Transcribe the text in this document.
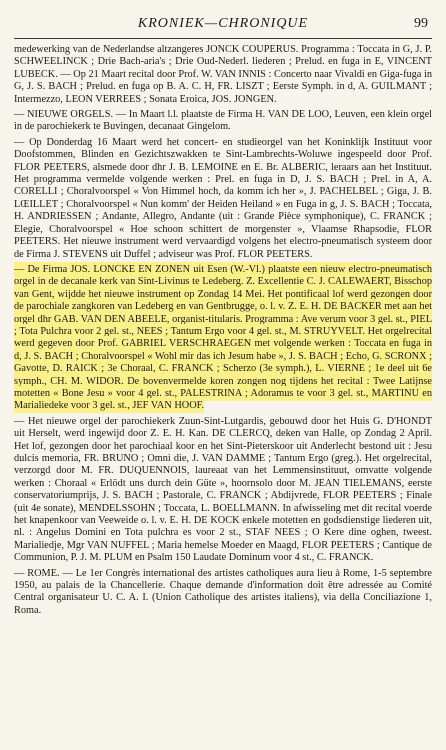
KRONIEK—CHRONIQUE	99

medewerking van de Nederlandse altzangeres JONCK COUPERUS. Programma : Toccata in G, J. P. SCHWEELINCK ; Drie Bach-aria's ; Drie Oud-Nederl. liederen ; Prelud. en fuga in E, VINCENT LUBECK. — Op 21 Maart recital door Prof. W. VAN INNIS : Concerto naar Vivaldi en Giga-fuga in G, J. S. BACH ; Prelud. en fuga op B. A. C. H, FR. LISZT ; Eerste Symph. in d, A. GUILMANT ; Intermezzo, LEON VERREES ; Sonata Eroica, JOS. JONGEN.

— NIEUWE ORGELS. — In Maart l.l. plaatste de Firma H. VAN DE LOO, Leuven, een klein orgel in de parochiekerk te Buvingen, decanaat Gingelom.

— Op Donderdag 16 Maart werd het concert- en studieorgel van het Koninklijk Instituut voor Doofstommen, Blinden en Gezichtszwakken te Sint-Lambrechts-Woluwe ingespeeld door Prof. FLOR PEETERS, alsmede door dhr J. B. LEMOINE en E. Br. ALBERIC, leraars aan het Instituut. Het programma vermelde volgende werken : Prel. en fuga in D, J. S. BACH ; Prel. in A, A. CORELLI ; Choralvoorspel « Von Himmel hoch, da komm ich her », J. PACHELBEL ; Giga, J. B. LŒILLET ; Choralvoorspel « Nun komm' der Heiden Heiland » en Fuga in g, J. S. BACH ; Toccata, H. ANDRIESSEN ; Andante, Allegro, Andante (uit : Grande Pièce symphonique), C. FRANCK ; Elegie, Choralvoorspel « Hoe schoon schittert de morgenster », Vlaamse Rhapsodie, FLOR PEETERS. Het nieuwe instrument werd vervaardigd volgens het electro-pneumatisch systeem door de Firma J. STEVENS uit Duffel ; adviseur was Prof. FLOR PEETERS.

— De Firma JOS. LONCKE EN ZONEN uit Esen (W.-Vl.) plaatste een nieuw electro-pneumatisch orgel in de decanale kerk van Sint-Livinus te Ledeberg. Z. Excellentie C. J. CALEWAERT, Bisschop van Gent, wijdde het nieuwe instrument op Zondag 14 Mei. Het pontificaal lof werd gezongen door de parochiale zangkoren van Ledeberg en van Gentbrugge, o. l. v. Z. E. H. DE BACKER met aan het orgel dhr GAB. VAN DEN ABEELE, organist-titularis. Programma : Ave verum voor 3 gel. st., PIEL ; Tota Pulchra voor 2 gel. st., NEES ; Tantum Ergo voor 4 gel. st., M. STRUYVELT. Het orgelrecital werd gegeven door Prof. GABRIEL VERSCHRAEGEN met volgende werken : Toccata en fuga in d, J. S. BACH ; Choralvoorspel « Wohl mir das ich Jesum habe », J. S. BACH ; Echo, G. SCRONX ; Gavotte, D. RAICK ; 3e Choraal, C. FRANCK ; Scherzo (3e symph.), L. VIERNE ; 1e deel uit 6e symph., CH. M. WIDOR. De bovenvermelde koren zongen nog tijdens het recital : Twee Latijnse motetten « Bone Jesu » voor 4 gel. st., PALESTRINA ; Adoramus te voor 3 gel. st., MARTINU en Marialiedeke voor 3 gel. st., JEF VAN HOOF.

— Het nieuwe orgel der parochiekerk Zuun-Sint-Lutgardis, gebouwd door het Huis G. D'HONDT uit Herselt, werd ingewijd door Z. E. H. Kan. DE CLERCQ, deken van Halle, op Zondag 2 April. Het lof, gezongen door het parochiaal koor en het Sint-Pieterskoor uit Anderlecht bestond uit : Jesu dulcis memoria, FR. BRUNO ; Omni die, J. VAN DAMME ; Tantum Ergo (greg.). Het orgelrecital, verzorgd door M. FR. DUQUENNOIS, laureaat van het Lemmensinstituut, omvatte volgende werken : Choraal « Erlödt uns durch dein Güte », hoornsolo door M. JEAN TIELEMANS, eerste conservatoriumprijs, J. S. BACH ; Pastorale, C. FRANCK ; Abdijvrede, FLOR PEETERS ; Finale (uit 4e sonate), MENDELSSOHN ; Toccata, L. BOELLMANN. In afwisseling met dit recital voerde het knapenkoor van Veeweide o. l. v. E. H. DE KOCK enkele motetten en godsdienstige liederen uit, nl. : Angelus Domini en Tota pulchra es voor 2 st., STAF NEES ; O Kere dine oghen, tweest. Marialiedje, Mgr VAN NUFFEL ; Maria hemelse Moeder en Maagd, FLOR PEETERS ; Cantique de Communion, P. J. M. PLUM en Psalm 150 Laudate Dominum voor 4 st., C. FRANCK.

— ROME. — Le 1er Congrès international des artistes catholiques aura lieu à Rome, 1-5 septembre 1950, au palais de la Chancellerie. Chaque demande d'information doit être adressée au Comité Central organisateur U. C. A. I. (Union Catholique des artistes italiens), via della Conciliazione 1, Roma.
